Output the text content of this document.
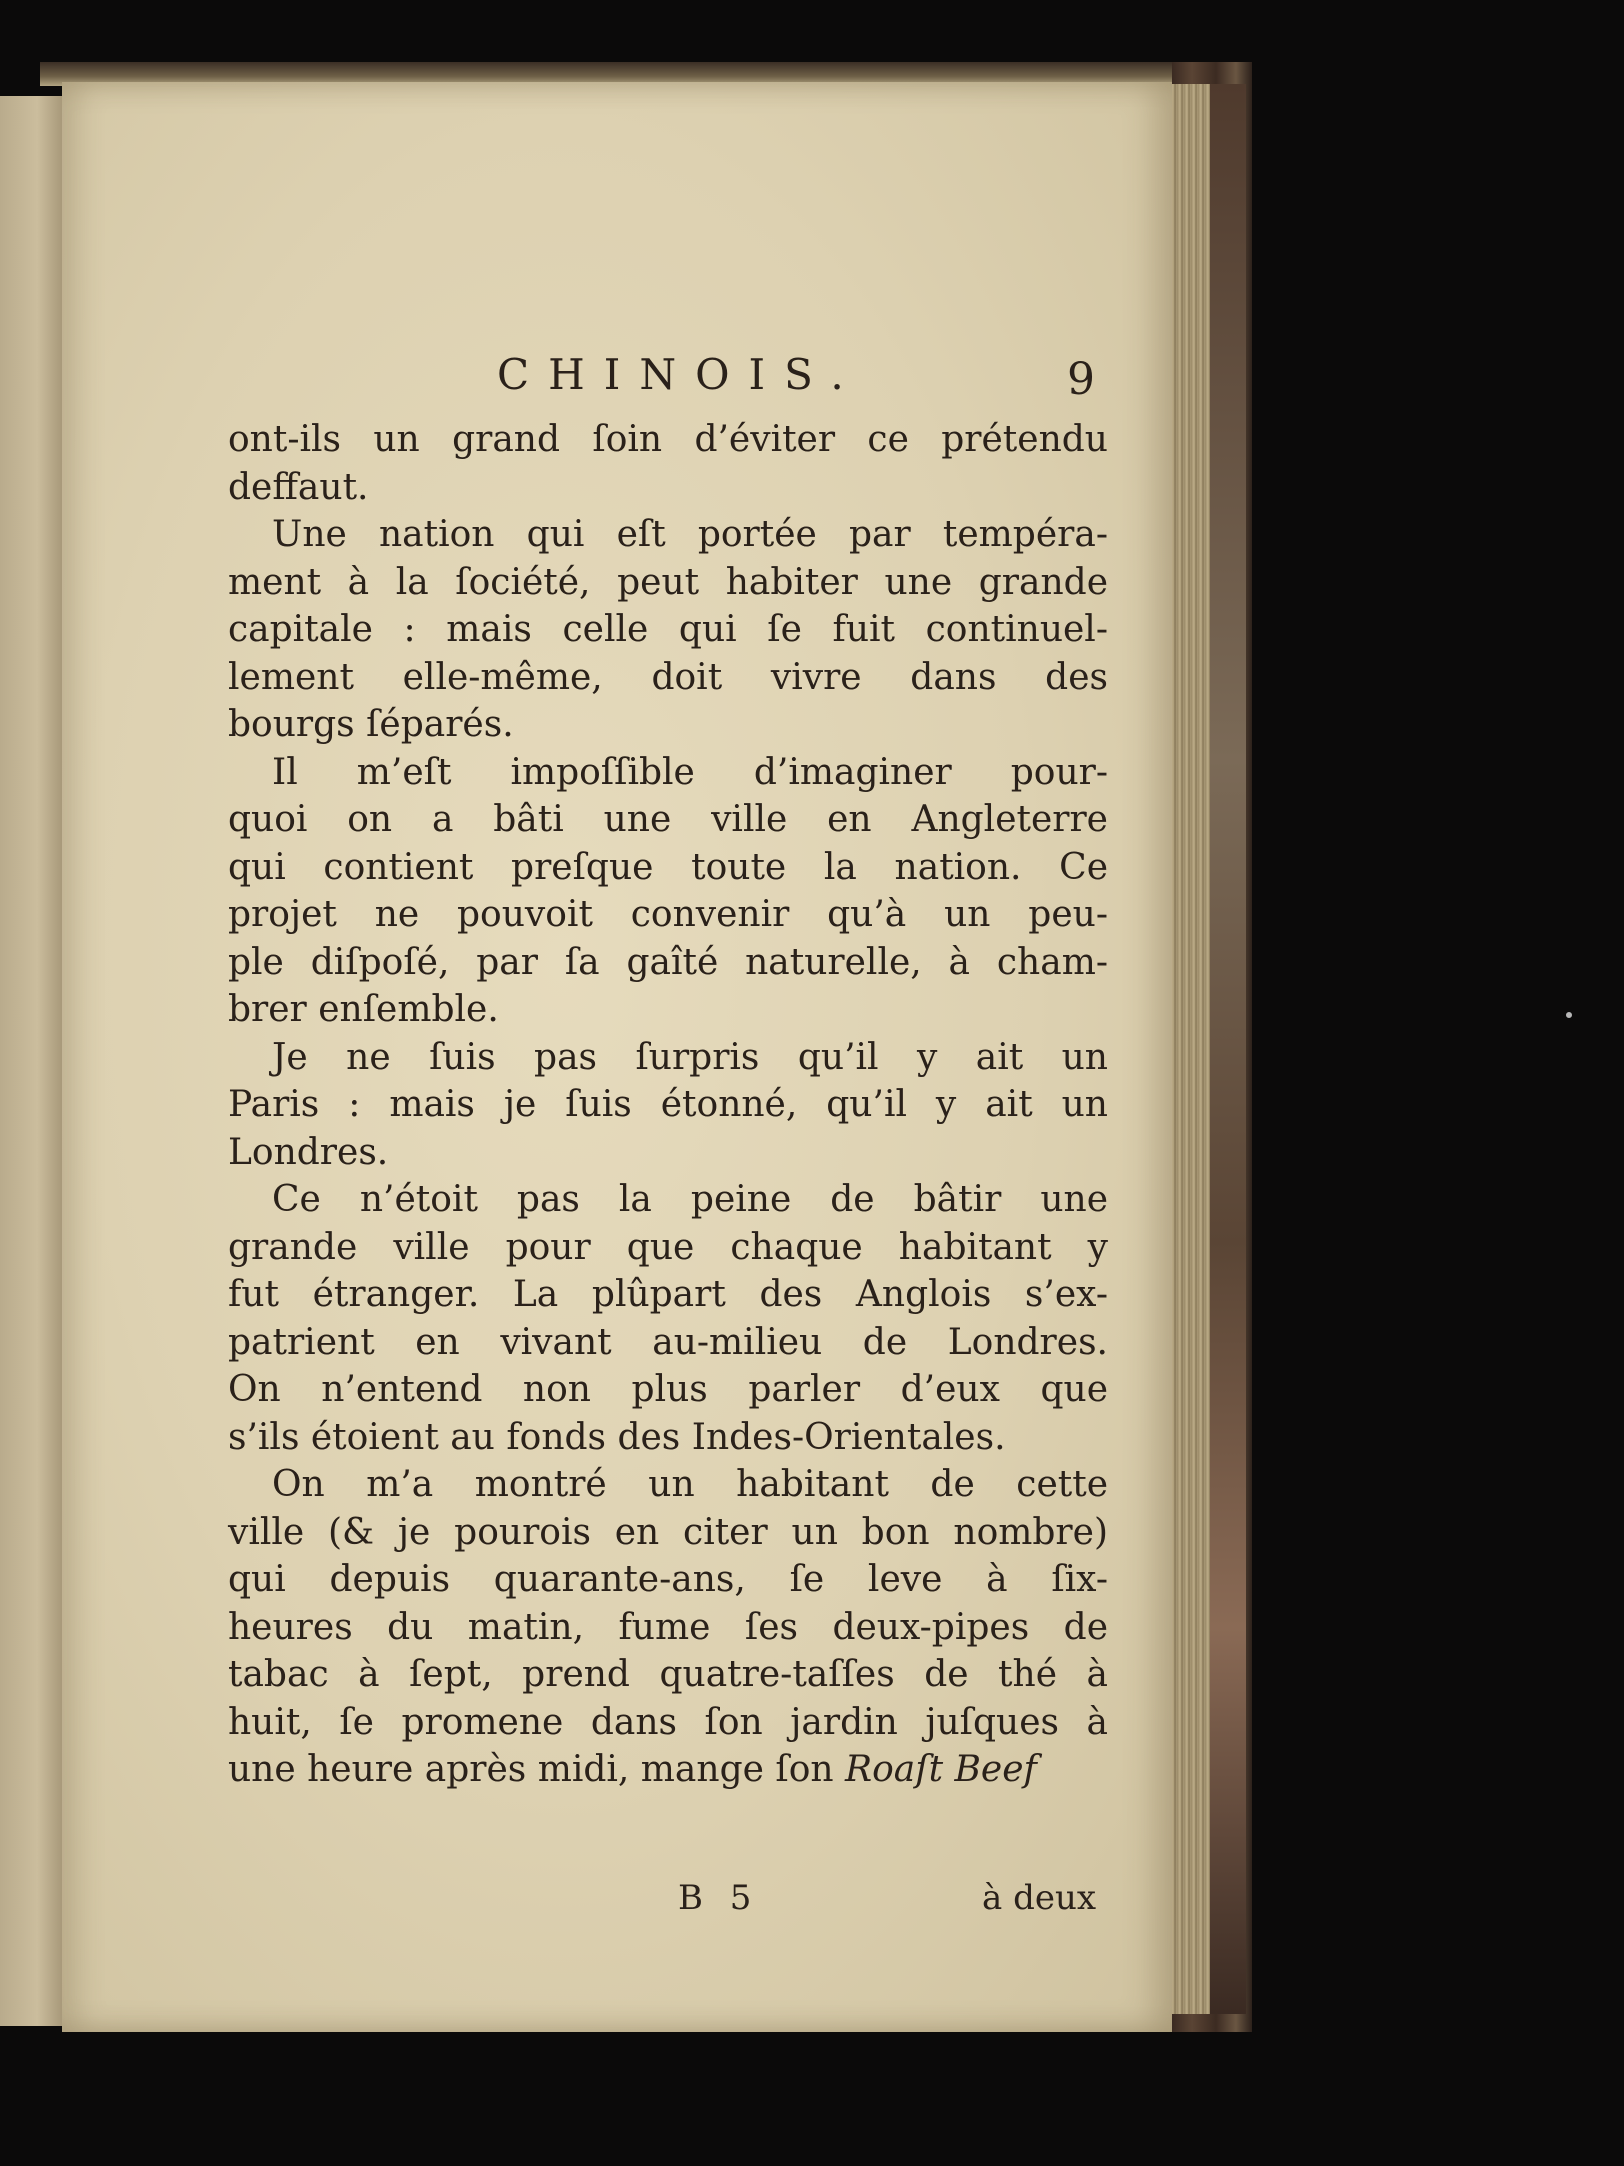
CHINOIS.	9
ont-ils un grand ſoin d’éviter ce prétendu
deffaut.
Une nation qui eſt portée par tempéra-
ment à la ſociété, peut habiter une grande
capitale : mais celle qui ſe fuit continuel-
lement elle-même, doit vivre dans des
bourgs ſéparés.
Il m’eſt impoſſible d’imaginer pour-
quoi on a bâti une ville en Angleterre
qui contient preſque toute la nation. Ce
projet ne pouvoit convenir qu’à un peu-
ple diſpoſé, par ſa gaîté naturelle, à cham-
brer enſemble.
Je ne ſuis pas ſurpris qu’il y ait un
Paris : mais je ſuis étonné, qu’il y ait un
Londres.
Ce n’étoit pas la peine de bâtir une
grande ville pour que chaque habitant y
fut étranger. La plûpart des Anglois s’ex-
patrient en vivant au-milieu de Londres.
On n’entend non plus parler d’eux que
s’ils étoient au fonds des Indes-Orientales.
On m’a montré un habitant de cette
ville (& je pourois en citer un bon nombre)
qui depuis quarante-ans, ſe leve à ſix-
heures du matin, fume ſes deux-pipes de
tabac à ſept, prend quatre-taſſes de thé à
huit, ſe promene dans ſon jardin juſques à
une heure après midi, mange ſon Roaſt Beef
B 5	à deux
